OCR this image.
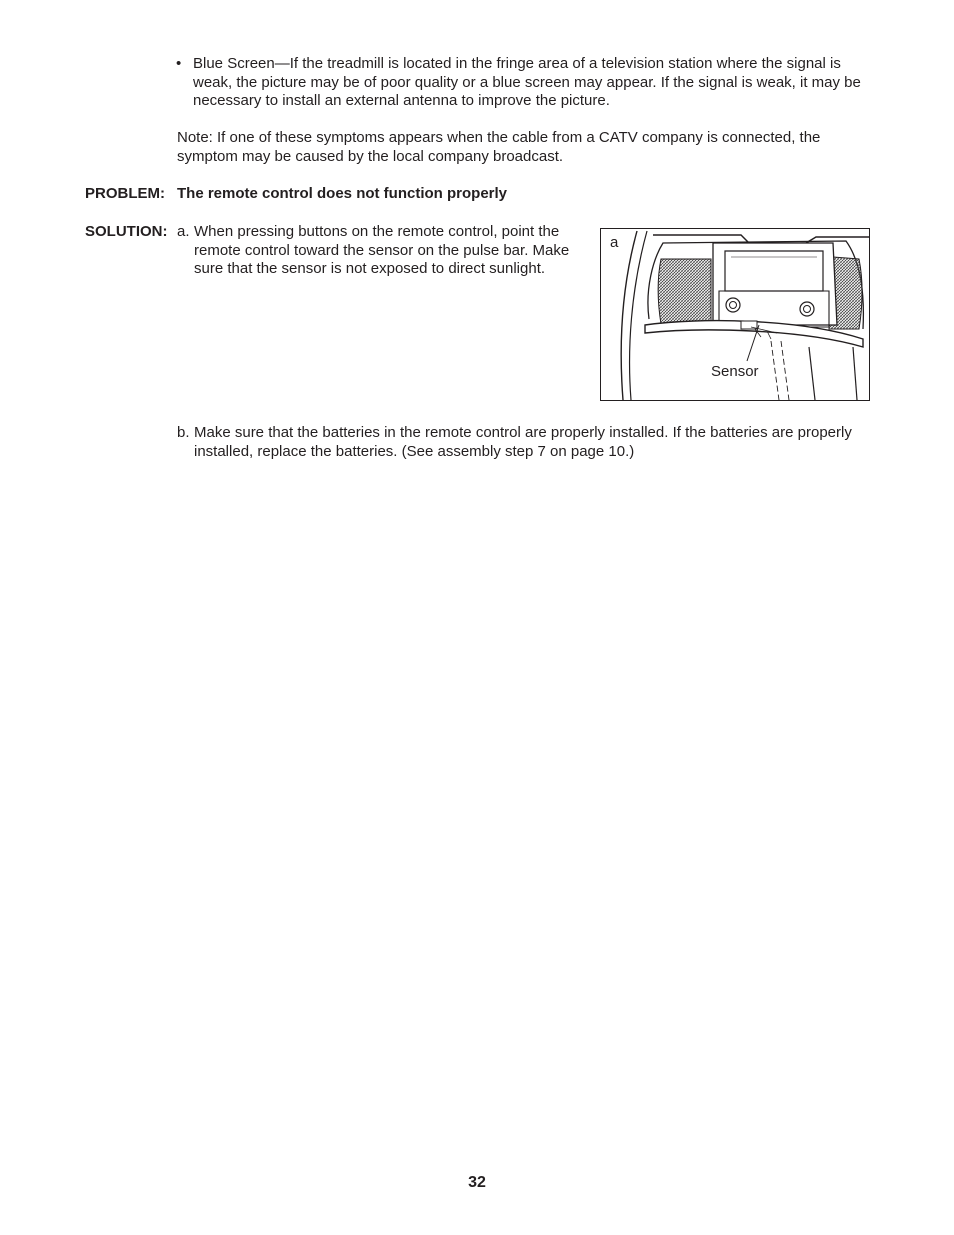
• Blue Screen—If the treadmill is located in the fringe area of a television station where the signal is weak, the picture may be of poor quality or a blue screen may appear. If the signal is weak, it may be necessary to install an external antenna to improve the picture.
Note: If one of these symptoms appears when the cable from a CATV company is connected, the symptom may be caused by the local company broadcast.
PROBLEM: The remote control does not function properly
SOLUTION: a. When pressing buttons on the remote control, point the remote control toward the sensor on the pulse bar. Make sure that the sensor is not exposed to direct sunlight.
a
Sensor
b. Make sure that the batteries in the remote control are properly installed. If the batteries are properly installed, replace the batteries. (See assembly step 7 on page 10.)
32
